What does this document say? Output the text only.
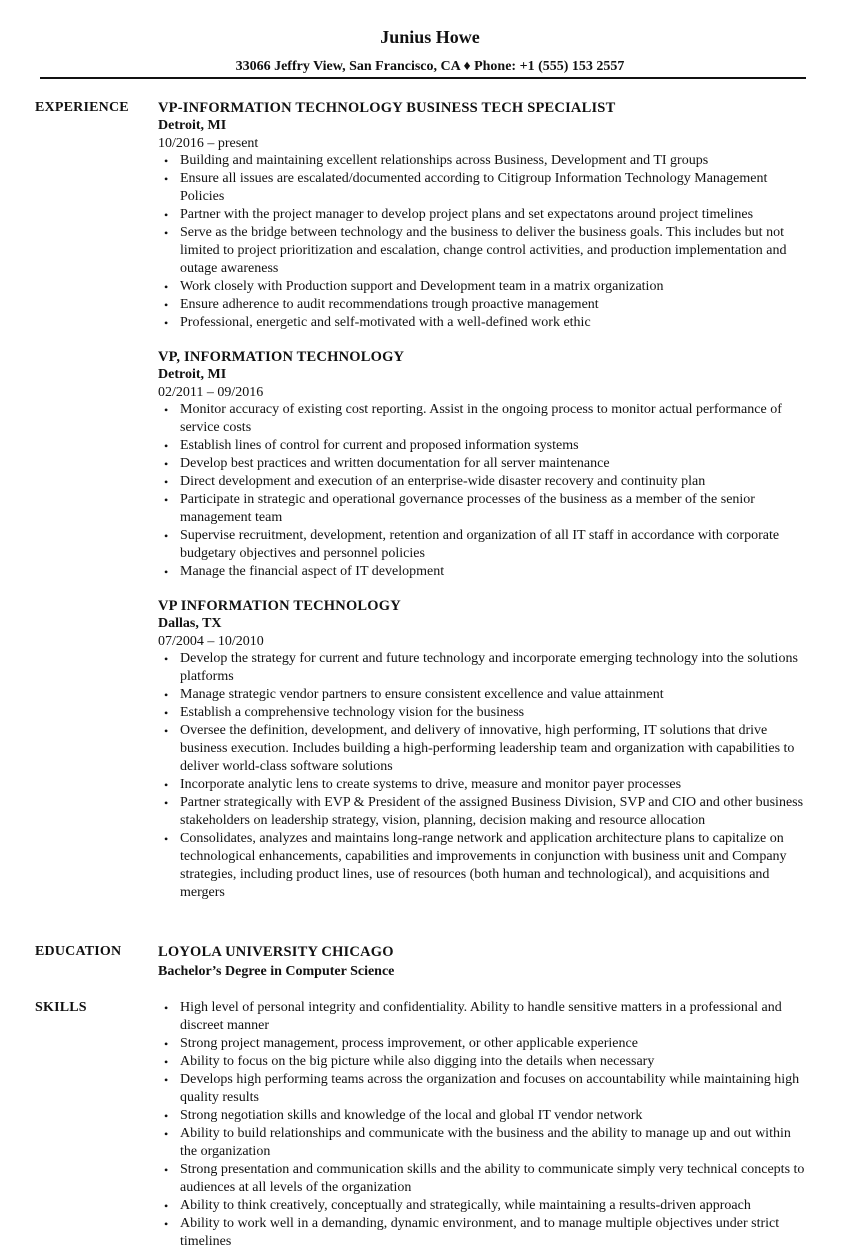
Junius Howe
33066 Jeffry View, San Francisco, CA ♦ Phone: +1 (555) 153 2557
EXPERIENCE VP-INFORMATION TECHNOLOGY BUSINESS TECH SPECIALIST
Detroit, MI
10/2016 – present
• Building and maintaining excellent relationships across Business, Development and TI groups
• Ensure all issues are escalated/documented according to Citigroup Information Technology Management Policies
• Partner with the project manager to develop project plans and set expectatons around project timelines
• Serve as the bridge between technology and the business to deliver the business goals. This includes but not limited to project prioritization and escalation, change control activities, and production implementation and outage awareness
• Work closely with Production support and Development team in a matrix organization
• Ensure adherence to audit recommendations trough proactive management
• Professional, energetic and self-motivated with a well-defined work ethic
VP, INFORMATION TECHNOLOGY
Detroit, MI
02/2011 – 09/2016
• Monitor accuracy of existing cost reporting. Assist in the ongoing process to monitor actual performance of service costs
• Establish lines of control for current and proposed information systems
• Develop best practices and written documentation for all server maintenance
• Direct development and execution of an enterprise-wide disaster recovery and continuity plan
• Participate in strategic and operational governance processes of the business as a member of the senior management team
• Supervise recruitment, development, retention and organization of all IT staff in accordance with corporate budgetary objectives and personnel policies
• Manage the financial aspect of IT development
VP INFORMATION TECHNOLOGY
Dallas, TX
07/2004 – 10/2010
• Develop the strategy for current and future technology and incorporate emerging technology into the solutions platforms
• Manage strategic vendor partners to ensure consistent excellence and value attainment
• Establish a comprehensive technology vision for the business
• Oversee the definition, development, and delivery of innovative, high performing, IT solutions that drive business execution. Includes building a high-performing leadership team and organization with capabilities to deliver world-class software solutions
• Incorporate analytic lens to create systems to drive, measure and monitor payer processes
• Partner strategically with EVP & President of the assigned Business Division, SVP and CIO and other business stakeholders on leadership strategy, vision, planning, decision making and resource allocation
• Consolidates, analyzes and maintains long-range network and application architecture plans to capitalize on technological enhancements, capabilities and improvements in conjunction with business unit and Company strategies, including product lines, use of resources (both human and technological), and acquisitions and mergers
EDUCATION	LOYOLA UNIVERSITY CHICAGO
Bachelor’s Degree in Computer Science
SKILLS	• High level of personal integrity and confidentiality. Ability to handle sensitive matters in a professional and discreet manner
• Strong project management, process improvement, or other applicable experience
• Ability to focus on the big picture while also digging into the details when necessary
• Develops high performing teams across the organization and focuses on accountability while maintaining high quality results
• Strong negotiation skills and knowledge of the local and global IT vendor network
• Ability to build relationships and communicate with the business and the ability to manage up and out within the organization
• Strong presentation and communication skills and the ability to communicate simply very technical concepts to audiences at all levels of the organization
• Ability to think creatively, conceptually and strategically, while maintaining a results-driven approach
• Ability to work well in a demanding, dynamic environment, and to manage multiple objectives under strict timelines
